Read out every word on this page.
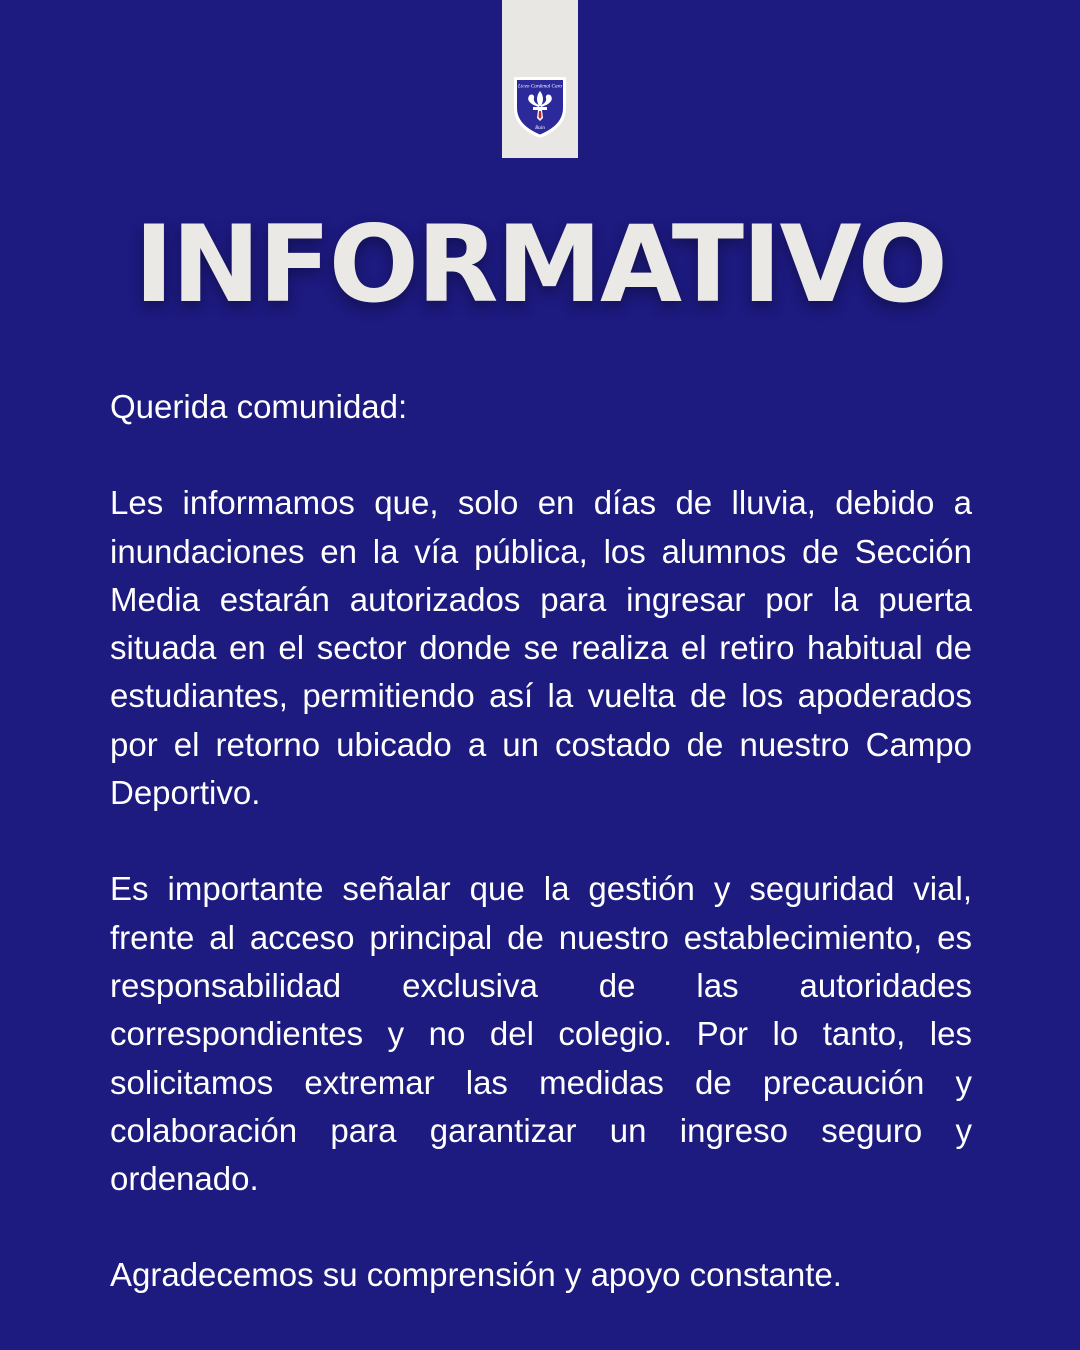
Liceo Cardenal Caro
Buin
INFORMATIVO

Querida comunidad:

Les informamos que, solo en días de lluvia, debido a inundaciones en la vía pública, los alumnos de Sección Media estarán autorizados para ingresar por la puerta situada en el sector donde se realiza el retiro habitual de estudiantes, permitiendo así la vuelta de los apoderados por el retorno ubicado a un costado de nuestro Campo Deportivo.

Es importante señalar que la gestión y seguridad vial, frente al acceso principal de nuestro establecimiento, es responsabilidad exclusiva de las autoridades correspondientes y no del colegio. Por lo tanto, les solicitamos extremar las medidas de precaución y colaboración para garantizar un ingreso seguro y ordenado.

Agradecemos su comprensión y apoyo constante.
